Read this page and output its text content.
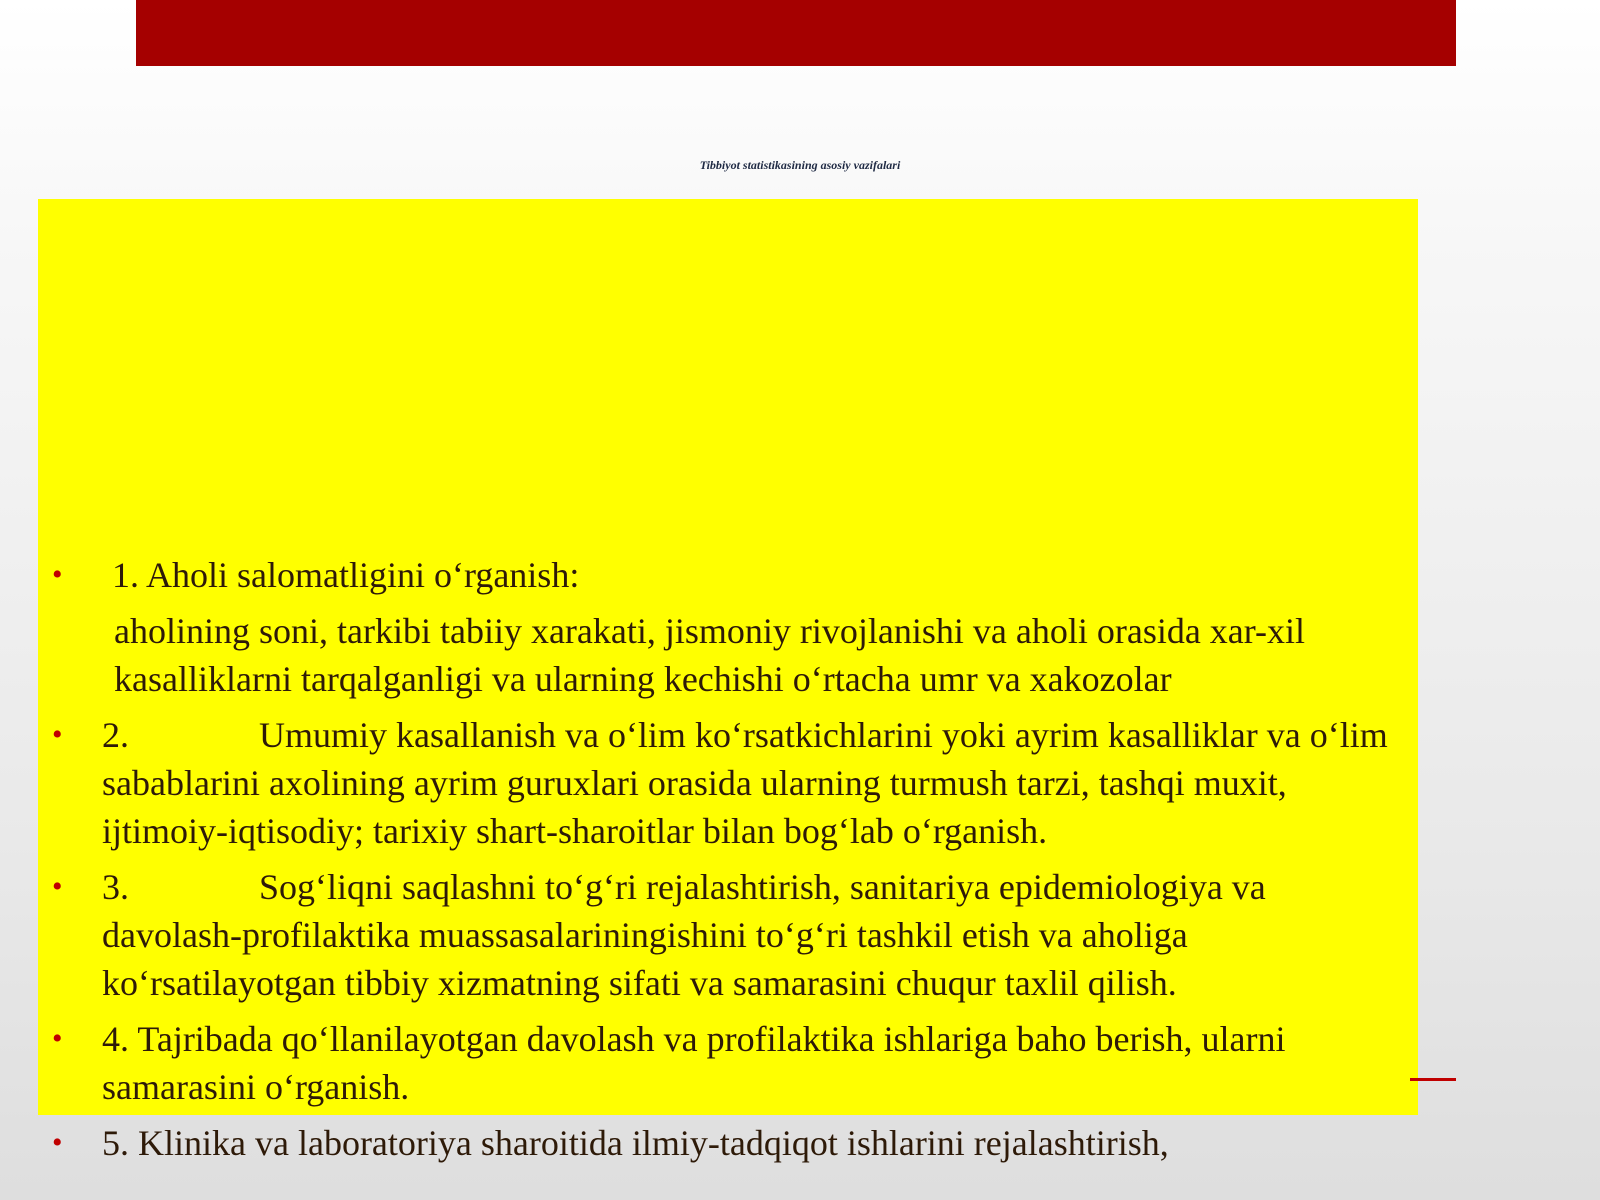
Tibbiyot statistikasining asosiy vazifalari
• 1. Aholi salomatligini o‘rganish:
aholining soni, tarkibi tabiiy xarakati, jismoniy rivojlanishi va aholi orasida xar-xil kasalliklarni tarqalganligi va ularning kechishi o‘rtacha umr va xakozolar
• 2.	Umumiy kasallanish va o‘lim ko‘rsatkichlarini yoki ayrim kasalliklar va o‘lim sabablarini axolining ayrim guruxlari orasida ularning turmush tarzi, tashqi muxit, ijtimoiy-iqtisodiy; tarixiy shart-sharoitlar bilan bog‘lab o‘rganish.
• 3.	Sog‘liqni saqlashni to‘g‘ri rejalashtirish, sanitariya epidemiologiya va davolash-profilaktika muassasalariningishini to‘g‘ri tashkil etish va aholiga ko‘rsatilayotgan tibbiy xizmatning sifati va samarasini chuqur taxlil qilish.
• 4. Tajribada qo‘llanilayotgan davolash va profilaktika ishlariga baho berish, ularni samarasini o‘rganish.
• 5. Klinika va laboratoriya sharoitida ilmiy-tadqiqot ishlarini rejalashtirish,
